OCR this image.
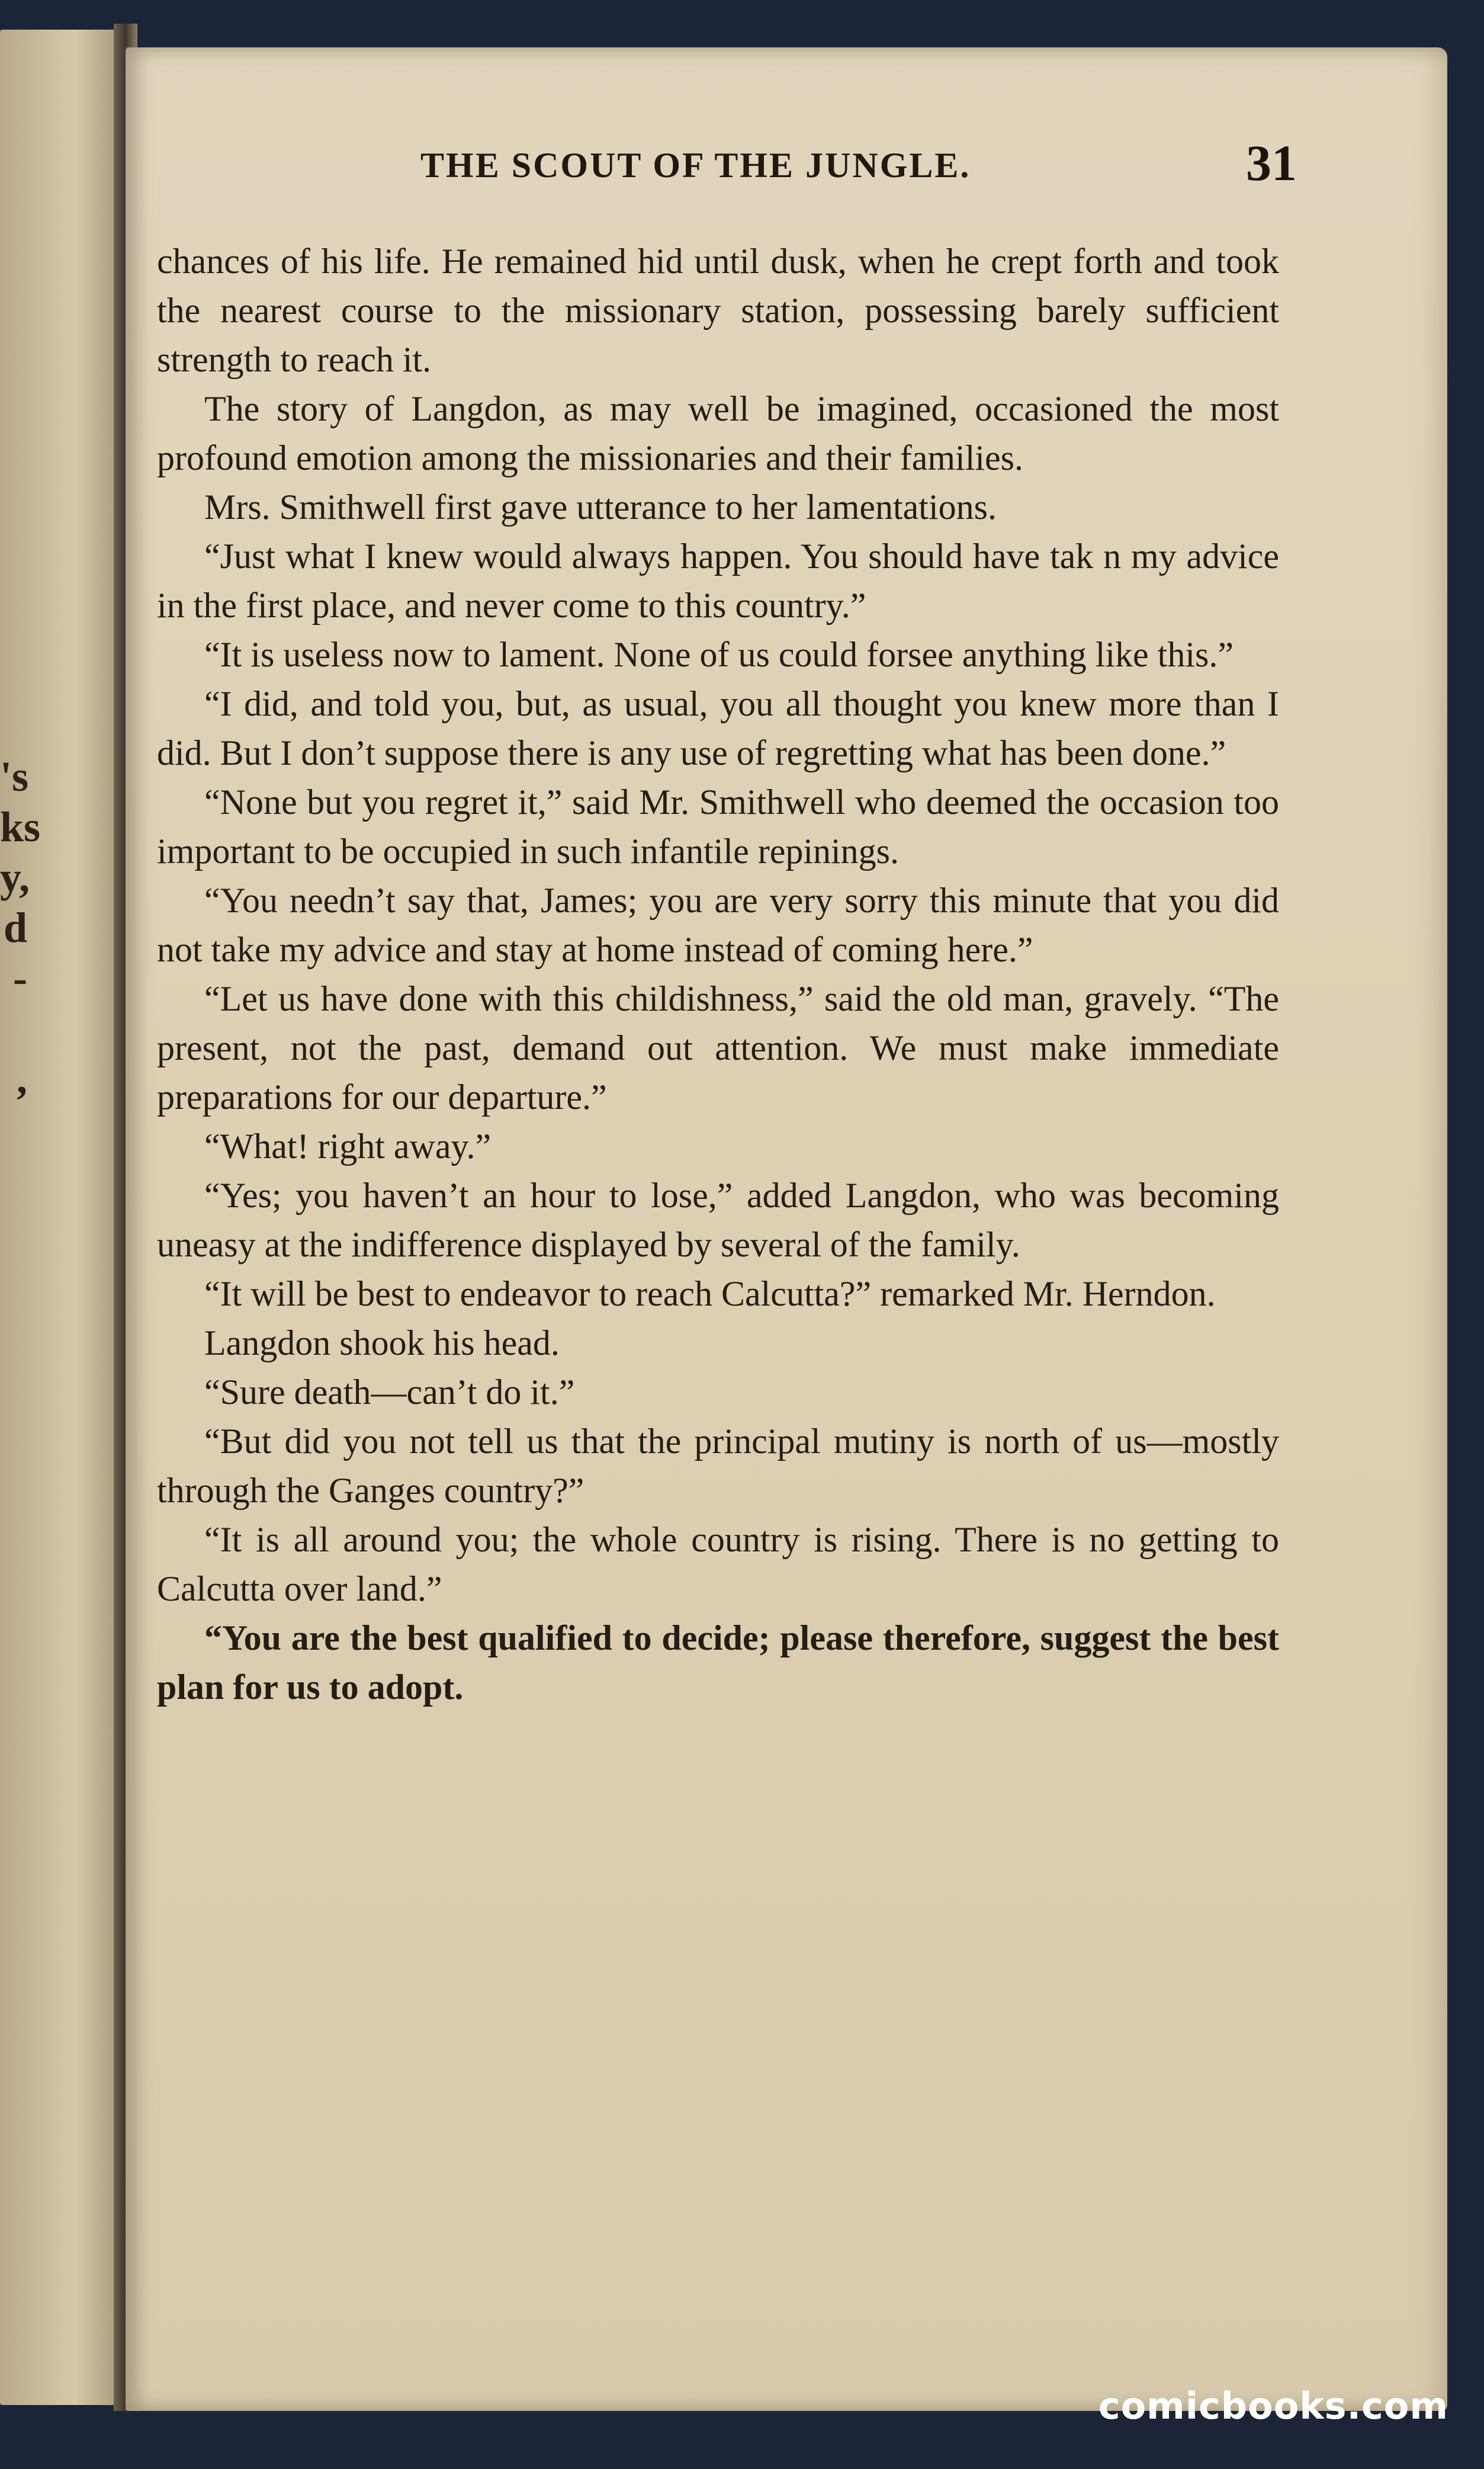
's
ks
y,
d
-
,
THE SCOUT OF THE JUNGLE.	31

chances of his life. He remained hid until dusk, when he crept forth and took the nearest course to the missionary station, possessing barely sufficient strength to reach it.

The story of Langdon, as may well be imagined, occasioned the most profound emotion among the missionaries and their families.

Mrs. Smithwell first gave utterance to her lamentations.

“Just what I knew would always happen. You should have tak n my advice in the first place, and never come to this country.”

“It is useless now to lament. None of us could forsee anything like this.”

“I did, and told you, but, as usual, you all thought you knew more than I did. But I don’t suppose there is any use of regretting what has been done.”

“None but you regret it,” said Mr. Smithwell who deemed the occasion too important to be occupied in such infantile repinings.

“You needn’t say that, James; you are very sorry this minute that you did not take my advice and stay at home instead of coming here.”

“Let us have done with this childishness,” said the old man, gravely. “The present, not the past, demand out attention. We must make immediate preparations for our departure.”

“What! right away.”

“Yes; you haven’t an hour to lose,” added Langdon, who was becoming uneasy at the indifference displayed by several of the family.

“It will be best to endeavor to reach Calcutta?” remarked Mr. Herndon.

Langdon shook his head.

“Sure death—can’t do it.”

“But did you not tell us that the principal mutiny is north of us—mostly through the Ganges country?”

“It is all around you; the whole country is rising. There is no getting to Calcutta over land.”

“You are the best qualified to decide; please therefore, suggest the best plan for us to adopt.

comicbooks.com
